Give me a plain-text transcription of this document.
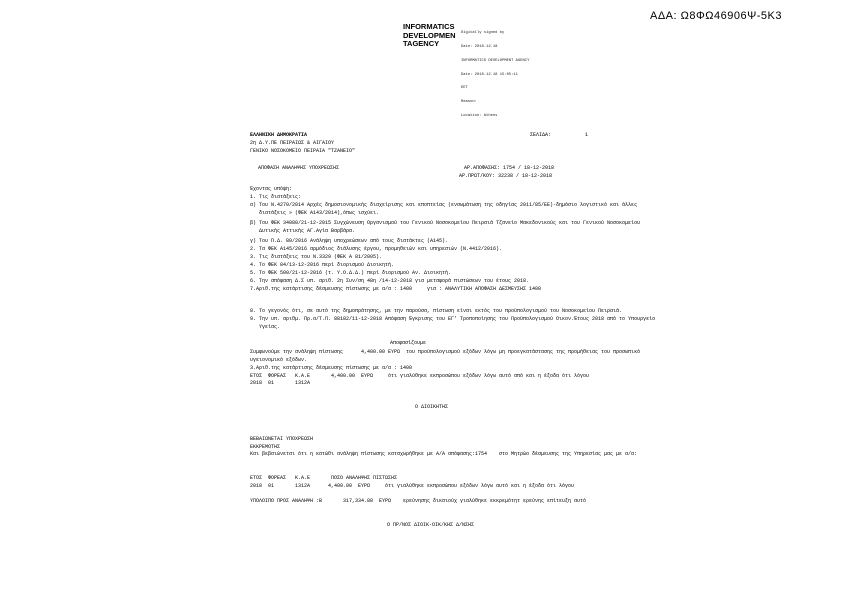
ΑΔΑ: Ω8ΦΩ46906Ψ-5Κ3
INFORMATICS
DEVELOPMEN
TAGENCY

Digitally signed by

Date: 2018.12.18

INFORMATICS DEVELOPMENT AGENCY

Date: 2018.12.18 15:05:11

EET

Reason:

Location: Athens

ΕΛΛΗΝΙΚΗ ΔΗΜΟΚΡΑΤΙΑ
2η Δ.Υ.ΠΕ ΠΕΙΡΑΙΩΣ & ΑΙΓΑΙΟΥ
ΓΕΝΙΚΟ ΝΟΣΟΚΟΜΕΙΟ ΠΕΙΡΑΙΑ "ΤΖΑΝΕΙΟ"
ΣΕΛΙΔΑ:	1
ΑΠΟΦΑΣΗ ΑΝΑΛΗΨΗΣ ΥΠΟΧΡΕΩΣΗΣ	ΑΡ.ΑΠΟΦΑΣΗΣ: 1754 / 18-12-2018
ΑΡ.ΠΡΩΤ/ΚΟΥ: 32238 / 18-12-2018
Έχοντας υπόψη:
1. Τις διατάξεις:
α) Του Ν.4270/2014 Αρχές δημοσιονομικής διαχείρισης και εποπτείας (ενσωμάτωση της οδηγίας 2011/85/ΕΕ)-δημόσιο λογιστικό και άλλες
διατάξεις » (ΦΕΚ Α143/2014),όπως ισχύει.
β) Του ΦΕΚ 34080/21-12-2015 Συγχώνευση Οργανισμού του Γενικού Νοσοκομείου Πειραιά Τζανείο Μακεδονικούς και του Γενικού Νοσοκομείου
Δυτικής Αττικής ΑΓ.Αγία Βαρβάρα.
γ) Του Π.Δ. 80/2016 Ανάληψη υποχρεώσεων από τους διατάκτες (Α145).
2. Τα ΦΕΚ Α145/2016 αρμόδιος διάλυσης έργου, προμηθειών και υπηρεσιών (Ν.4412/2016).
3. Τις διατάξεις του Ν.3329 (ΦΕΚ Α 81/2005).
4. Το ΦΕΚ 84/13-12-2016 περί διορισμού Διοικητή.
5. Το ΦΕΚ 500/21-12-2016 (τ. Υ.Ο.Δ.Δ.) περί διορισμού Αν. Διοικητή.
6. Την απόφαση Δ.Σ υπ. αριθ. 2η Συν/ση 48η /14-12-2018 για μεταφορά πιστώσεων του έτους 2018.
7.Αριθ.της κατάρτισης δέσμευσης πίστωσης με α/α : 1400     για : ΑΝΑΛΥΤΙΚΗ ΑΠΟΦΑΣΗ ΔΕΣΜΕΥΣΗΣ 1400
8. Το γεγονός ότι, σε αυτό της δημοπράτησης, με την παρούσα, πίστωση είναι εκτός του προϋπολογισμού του Νοσοκομείου Πειραιά.
9. Την υπ. αριθμ. Πρ.α/Τ.Π. 88182/11-12-2018 Απόφαση Έγκρισης του ΕΓ' Τροποποίησης του Προϋπολογισμού Οικον.Έτους 2018 από το Υπουργείο
Υγείας.
Αποφασίζουμε
Συμφωνούμε την ανάληψη πίστωσης      4,400.00 ΕΥΡΩ  του προϋπολογισμού εξόδων λόγω μη προεγκατάστασης της προμήθειας του προσωπικό
υγειονομικό εξόδων.
3.Αριθ.της κατάρτισης δέσμευσης πίστωσης με α/α : 1400
ΕΤΟΣ  ΦΟΡΕΑΣ   Κ.Α.Ε       4,400.00  ΕΥΡΩ     ότι γιαλύθηκε εκπροσώπου εξόδων λόγω αυτό από και η έξοδα ότι λόγου
2018  01       1312Α
Ο ΔΙΟΙΚΗΤΗΣ
ΒΕΒΑΙΩΝΕΤΑΙ ΥΠΟΧΡΕΩΣΗ
ΕΚΚΡΕΜΟΤΗΣ
Και βεβαιώνεται ότι η κατώθι ανάληψη πίστωσης καταχωρήθηκε με Α/Α απόφασης:1754    στο Μητρώο δέσμευσης της Υπηρεσίας μας με α/α:
ΕΤΟΣ  ΦΟΡΕΑΣ   Κ.Α.Ε       ΠΟΣΟ ΑΝΑΛΗΨΗΣ ΠΙΣΤΩΣΗΣ
2018  01       1312Α      4,400.00  ΕΥΡΩ     ότι γιαλύθηκε εκπροσώπου εξόδων λόγω αυτό και η έξοδα ότι λόγου
ΥΠΟΛΟΙΠΟ ΠΡΟΣ ΑΝΑΛΗΨΗ :Β       317,334.88  ΕΥΡΩ    ερεύνησης δικαιούχ γιαλύθηκε εκκρεμότητ ερεύνης επίτευξη αυτό
Ο ΠΡ/ΝΟΣ ΔΙΟΙΚ-ΟΙΚ/ΚΗΣ Δ/ΝΣΗΣ
